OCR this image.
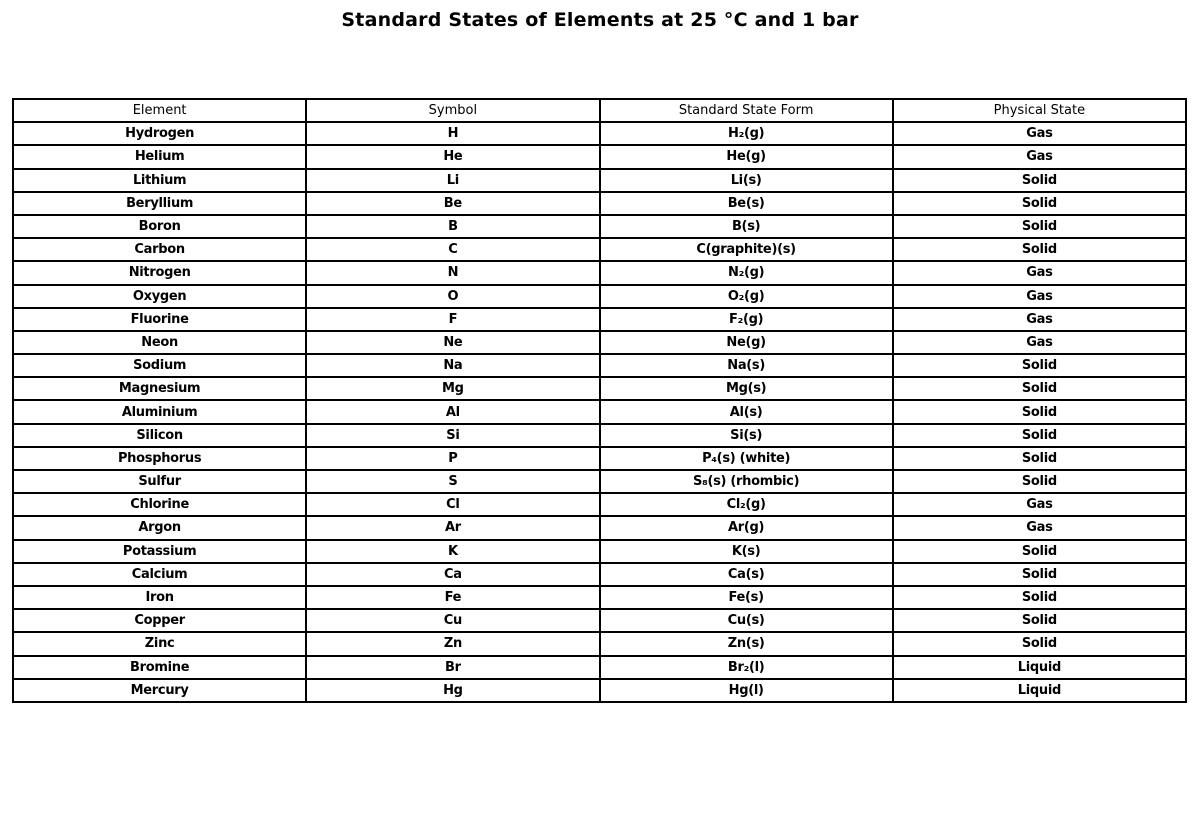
Standard States of Elements at 25 °C and 1 bar
Element	Symbol	Standard State Form	Physical State
Hydrogen	H	H₂(g)	Gas
Helium	He	He(g)	Gas
Lithium	Li	Li(s)	Solid
Beryllium	Be	Be(s)	Solid
Boron	B	B(s)	Solid
Carbon	C	C(graphite)(s)	Solid
Nitrogen	N	N₂(g)	Gas
Oxygen	O	O₂(g)	Gas
Fluorine	F	F₂(g)	Gas
Neon	Ne	Ne(g)	Gas
Sodium	Na	Na(s)	Solid
Magnesium	Mg	Mg(s)	Solid
Aluminium	Al	Al(s)	Solid
Silicon	Si	Si(s)	Solid
Phosphorus	P	P₄(s) (white)	Solid
Sulfur	S	S₈(s) (rhombic)	Solid
Chlorine	Cl	Cl₂(g)	Gas
Argon	Ar	Ar(g)	Gas
Potassium	K	K(s)	Solid
Calcium	Ca	Ca(s)	Solid
Iron	Fe	Fe(s)	Solid
Copper	Cu	Cu(s)	Solid
Zinc	Zn	Zn(s)	Solid
Bromine	Br	Br₂(l)	Liquid
Mercury	Hg	Hg(l)	Liquid
